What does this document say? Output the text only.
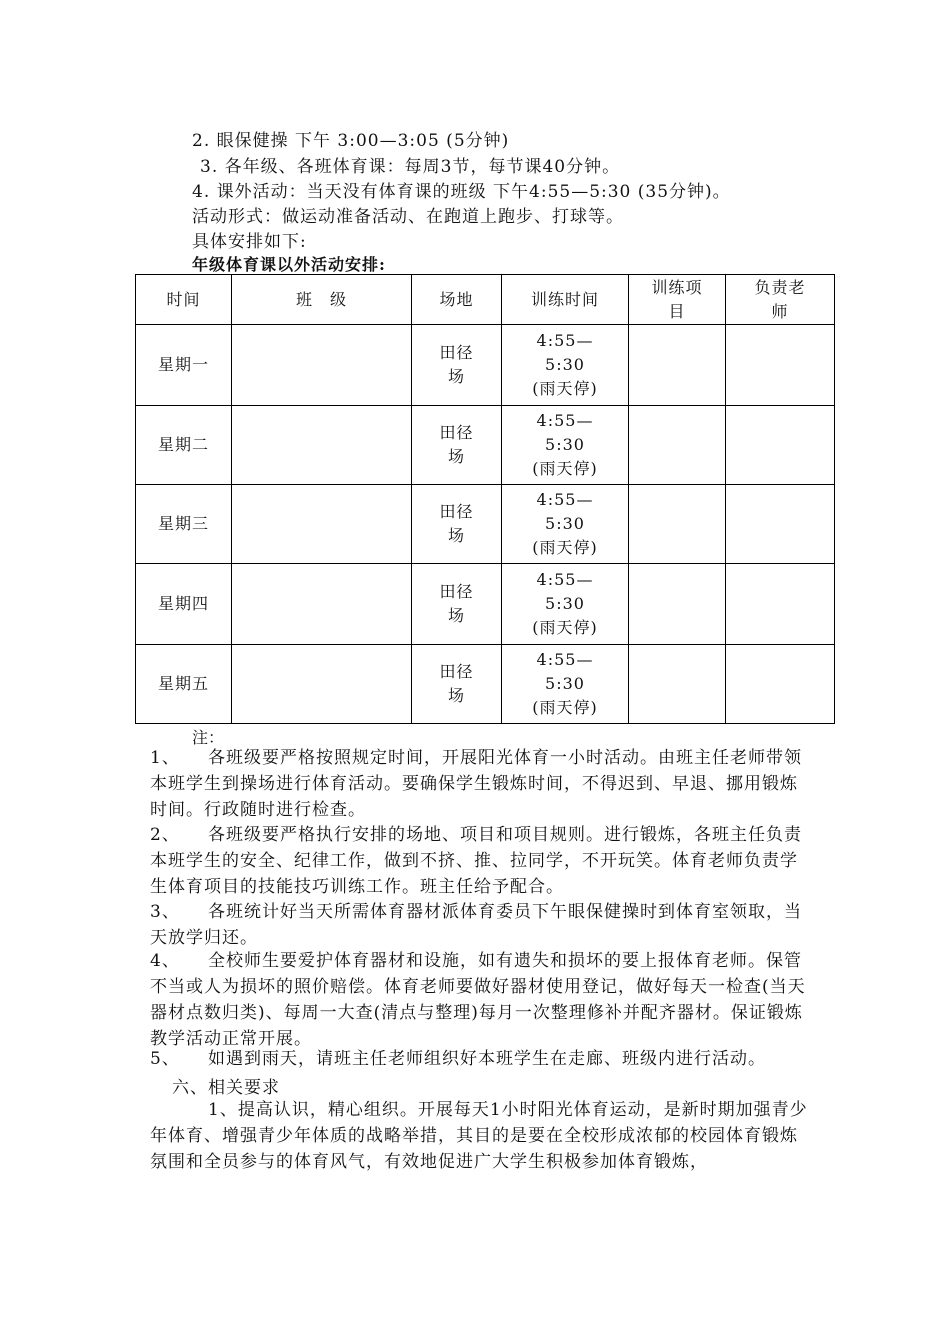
2. 眼保健操 下午 3:00—3:05 (5分钟)
3. 各年级、各班体育课：每周3节，每节课40分钟。
4. 课外活动：当天没有体育课的班级 下午4:55—5:30 (35分钟)。
活动形式：做运动准备活动、在跑道上跑步、打球等。
具体安排如下:
年级体育课以外活动安排:
时间	班　级	场地	训练时间	训练项目	负责老师
星期一		田径场	4:55—
5:30
(雨天停)		

星期二		田径场	4:55—
5:30
(雨天停)		

星期三		田径场	4:55—
5:30
(雨天停)		

星期四		田径场	4:55—
5:30
(雨天停)		

星期五		田径场	4:55—
5:30
(雨天停)		

注：
1、 各班级要严格按照规定时间，开展阳光体育一小时活动。由班主任老师带领本班学生到操场进行体育活动。要确保学生锻炼时间，不得迟到、早退、挪用锻炼时间。行政随时进行检查。
2、 各班级要严格执行安排的场地、项目和项目规则。进行锻炼，各班主任负责本班学生的安全、纪律工作，做到不挤、推、拉同学，不开玩笑。体育老师负责学生体育项目的技能技巧训练工作。班主任给予配合。
3、 各班统计好当天所需体育器材派体育委员下午眼保健操时到体育室领取，当天放学归还。
4、 全校师生要爱护体育器材和设施，如有遗失和损坏的要上报体育老师。保管不当或人为损坏的照价赔偿。体育老师要做好器材使用登记，做好每天一检查(当天器材点数归类)、每周一大查(清点与整理)每月一次整理修补并配齐器材。保证锻炼教学活动正常开展。
5、 如遇到雨天，请班主任老师组织好本班学生在走廊、班级内进行活动。
六、相关要求
1、提高认识，精心组织。开展每天1小时阳光体育运动，是新时期加强青少年体育、增强青少年体质的战略举措，其目的是要在全校形成浓郁的校园体育锻炼氛围和全员参与的体育风气，有效地促进广大学生积极参加体育锻炼，
